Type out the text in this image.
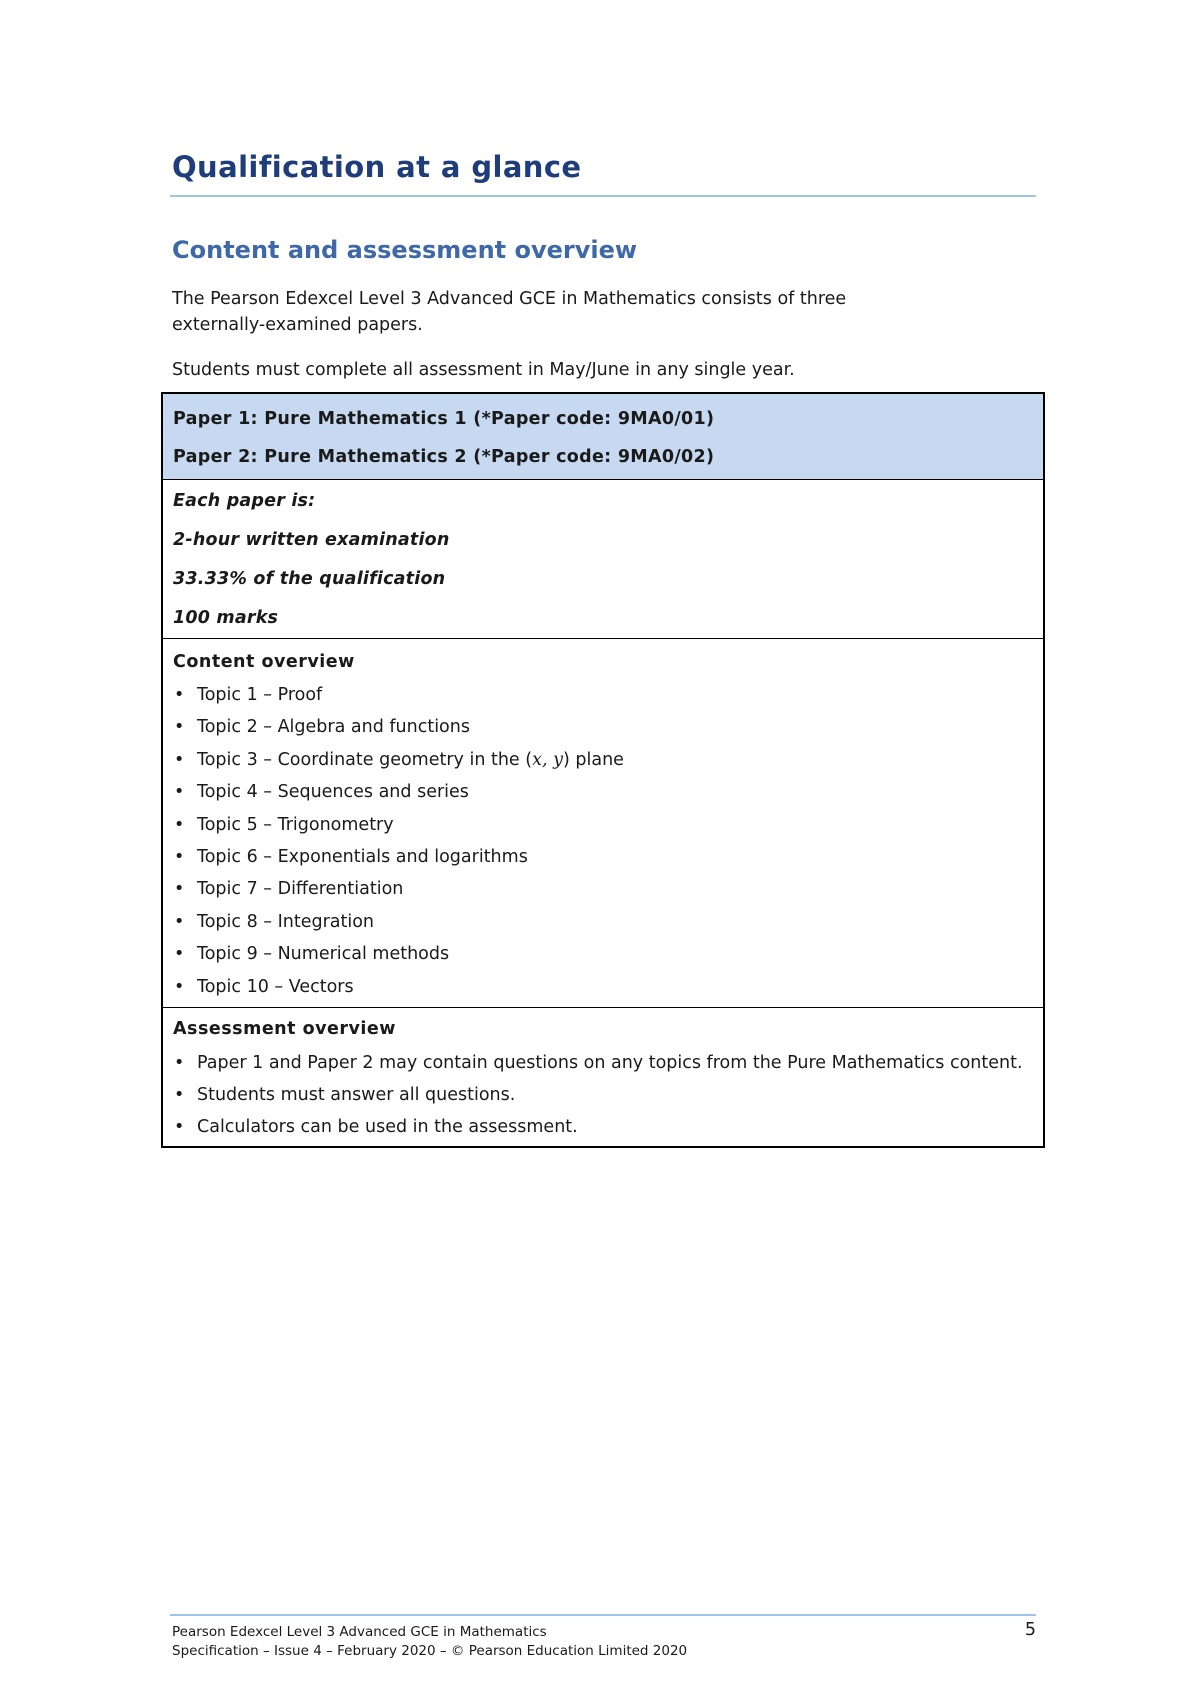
Qualification at a glance
Content and assessment overview

The Pearson Edexcel Level 3 Advanced GCE in Mathematics consists of three externally-examined papers.

Students must complete all assessment in May/June in any single year.

Paper 1: Pure Mathematics 1 (*Paper code: 9MA0/01)
Paper 2: Pure Mathematics 2 (*Paper code: 9MA0/02)
Each paper is:
2-hour written examination
33.33% of the qualification
100 marks
Content overview
• Topic 1 – Proof
• Topic 2 – Algebra and functions
• Topic 3 – Coordinate geometry in the (x, y) plane
• Topic 4 – Sequences and series
• Topic 5 – Trigonometry
• Topic 6 – Exponentials and logarithms
• Topic 7 – Differentiation
• Topic 8 – Integration
• Topic 9 – Numerical methods
• Topic 10 – Vectors
Assessment overview
• Paper 1 and Paper 2 may contain questions on any topics from the Pure Mathematics content.
• Students must answer all questions.
• Calculators can be used in the assessment.
Pearson Edexcel Level 3 Advanced GCE in Mathematics
Specification – Issue 4 – February 2020 – © Pearson Education Limited 2020
5
